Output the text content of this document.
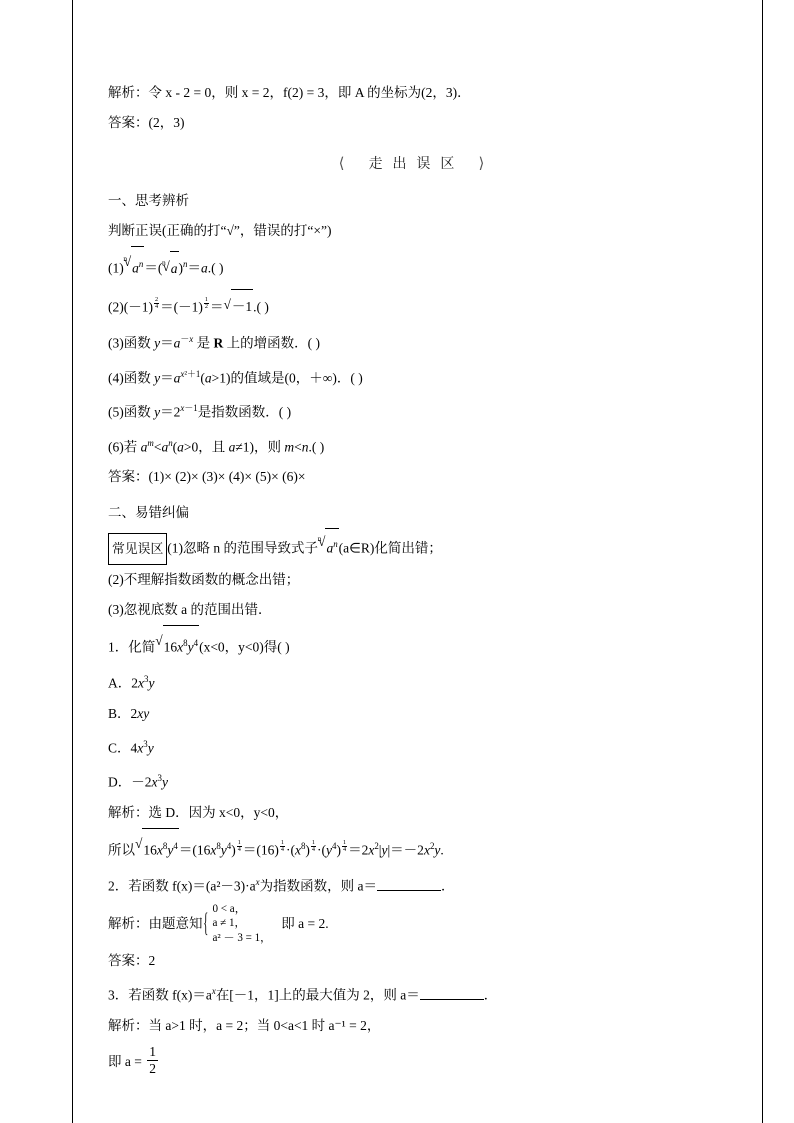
解析：令 x - 2 = 0，则 x = 2，f(2) = 3，即 A 的坐标为(2，3)．

答案：(2，3)

⟨ 走 出 误 区 ⟩

一、思考辨析

判断正误(正确的打“√”，错误的打“×”)

(1)
√ n
$a^n=$( √ n a)$^n$＝a.( )

(2)(－1) $^{\frac{2}{4}}$ ＝(－1) $^{\frac{1}{2}}$ ＝ √ －1.( )

(3)函数 $y=a^{-x}$ 是 R 上的增函数．( )

(4)函数 $y=a^{x^2+1}(a>1)$的值域是(0，＋∞)．( )

(5)函数 $y=2^{x-1}$是指数函数．( )

(6)若 $a^m<a^n(a>0$，且 a≠1)，则 m<n.( )

答案：(1)× (2)× (3)× (4)× (5)× (6)×

二、易错纠偏

常见误区 (1)忽略 n 的范围导致式子
√ n
$a^n(a\in R)$化简出错；

(2)不理解指数函数的概念出错；

(3)忽视底数 a 的范围出错．

1．化简 √ $16x^8y^4(x<0$，y<0)得( )

A．$2x^3y$

B．2xy

C．$4x^3y$

D．$-2x^3y$

解析：选 D．因为 x<0，y<0，

所以 √ $16x^8y^4=(16x^8y^4)$ $^{\frac{1}{4}}$ ＝(16) $^{\frac{1}{4}} \cdot(x^8)$ $^{\frac{1}{4}} \cdot(y^4)$ $^{\frac{1}{4}} =2x^2|y|=-2x^2y$.

2．若函数 $f(x)=(a^2-3)\cdot a^x$为指数函数，则 a＝	．

解析： 由题意知
{ 0 < a，
a ≠ 1，
a² － 3 = 1，
即 a = 2.

答案：2

3．若函数 $f(x)=a^x$在[－1，1]上的最大值为 2，则 a＝	．

解析：当 a>1 时，a = 2；当 0<a<1 时 a⁻¹ = 2，

即 $a = \frac{1}{2}$
